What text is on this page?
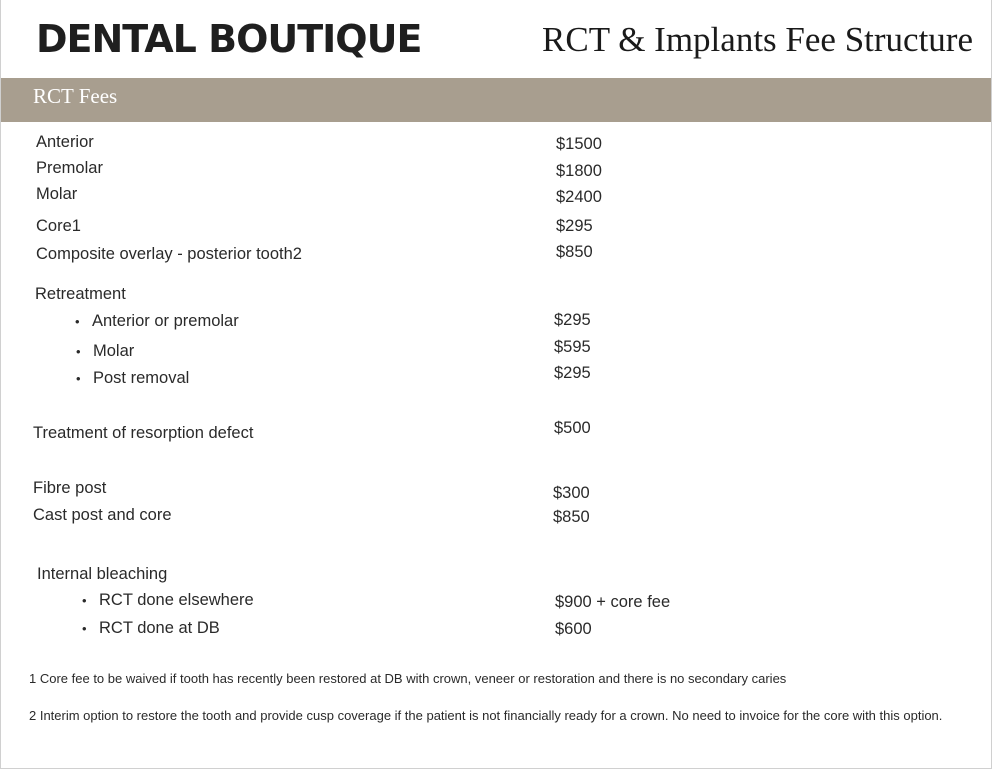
DENTAL BOUTIQUE	RCT & Implants Fee Structure
RCT Fees
Anterior	$1500
Premolar	$1800
Molar	$2400
Core1	$295
Composite overlay - posterior tooth2	$850
Retreatment
• Anterior or premolar	$295
• Molar	$595
• Post removal	$295
Treatment of resorption defect	$500
Fibre post	$300
Cast post and core	$850
Internal bleaching
• RCT done elsewhere	$900 + core fee
• RCT done at DB	$600
1 Core fee to be waived if tooth has recently been restored at DB with crown, veneer or restoration and there is no secondary caries
2 Interim option to restore the tooth and provide cusp coverage if the patient is not financially ready for a crown. No need to invoice for the core with this option.
